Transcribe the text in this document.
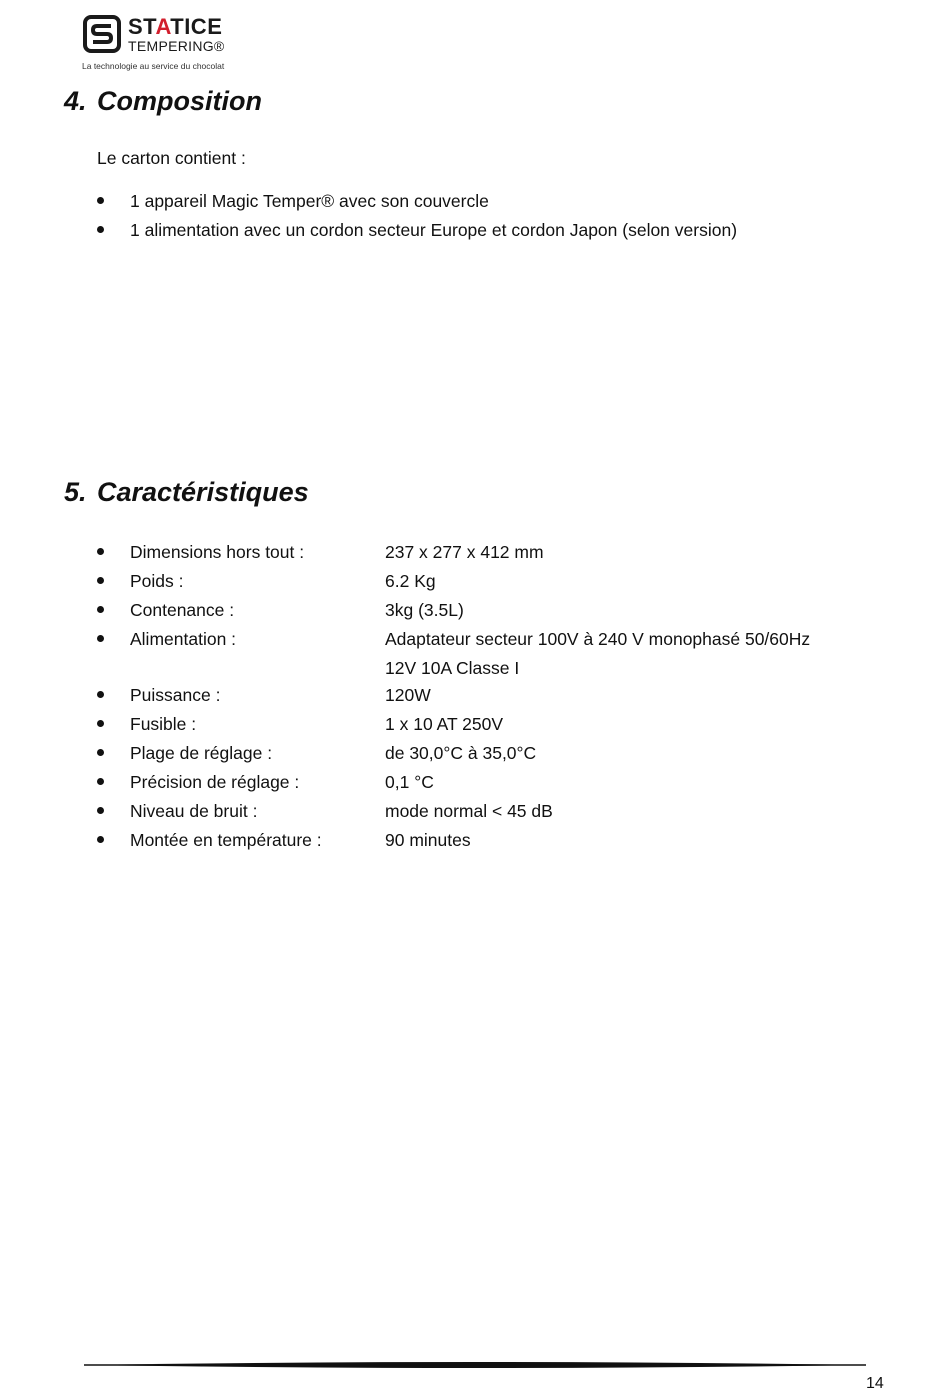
STATICE
TEMPERING®
La technologie au service du chocolat
4. Composition
Le carton contient :
1 appareil Magic Temper® avec son couvercle
1 alimentation avec un cordon secteur Europe et cordon Japon (selon version)
5. Caractéristiques
Dimensions hors tout :	237 x 277 x 412 mm
Poids :	6.2 Kg
Contenance :	3kg (3.5L)
Alimentation :	Adaptateur secteur 100V à 240 V monophasé 50/60Hz
12V 10A Classe I
Puissance :	120W
Fusible :	1 x 10 AT 250V
Plage de réglage :	de 30,0°C à 35,0°C
Précision de réglage :	0,1 °C
Niveau de bruit :	mode normal < 45 dB
Montée en température :	90 minutes
14
